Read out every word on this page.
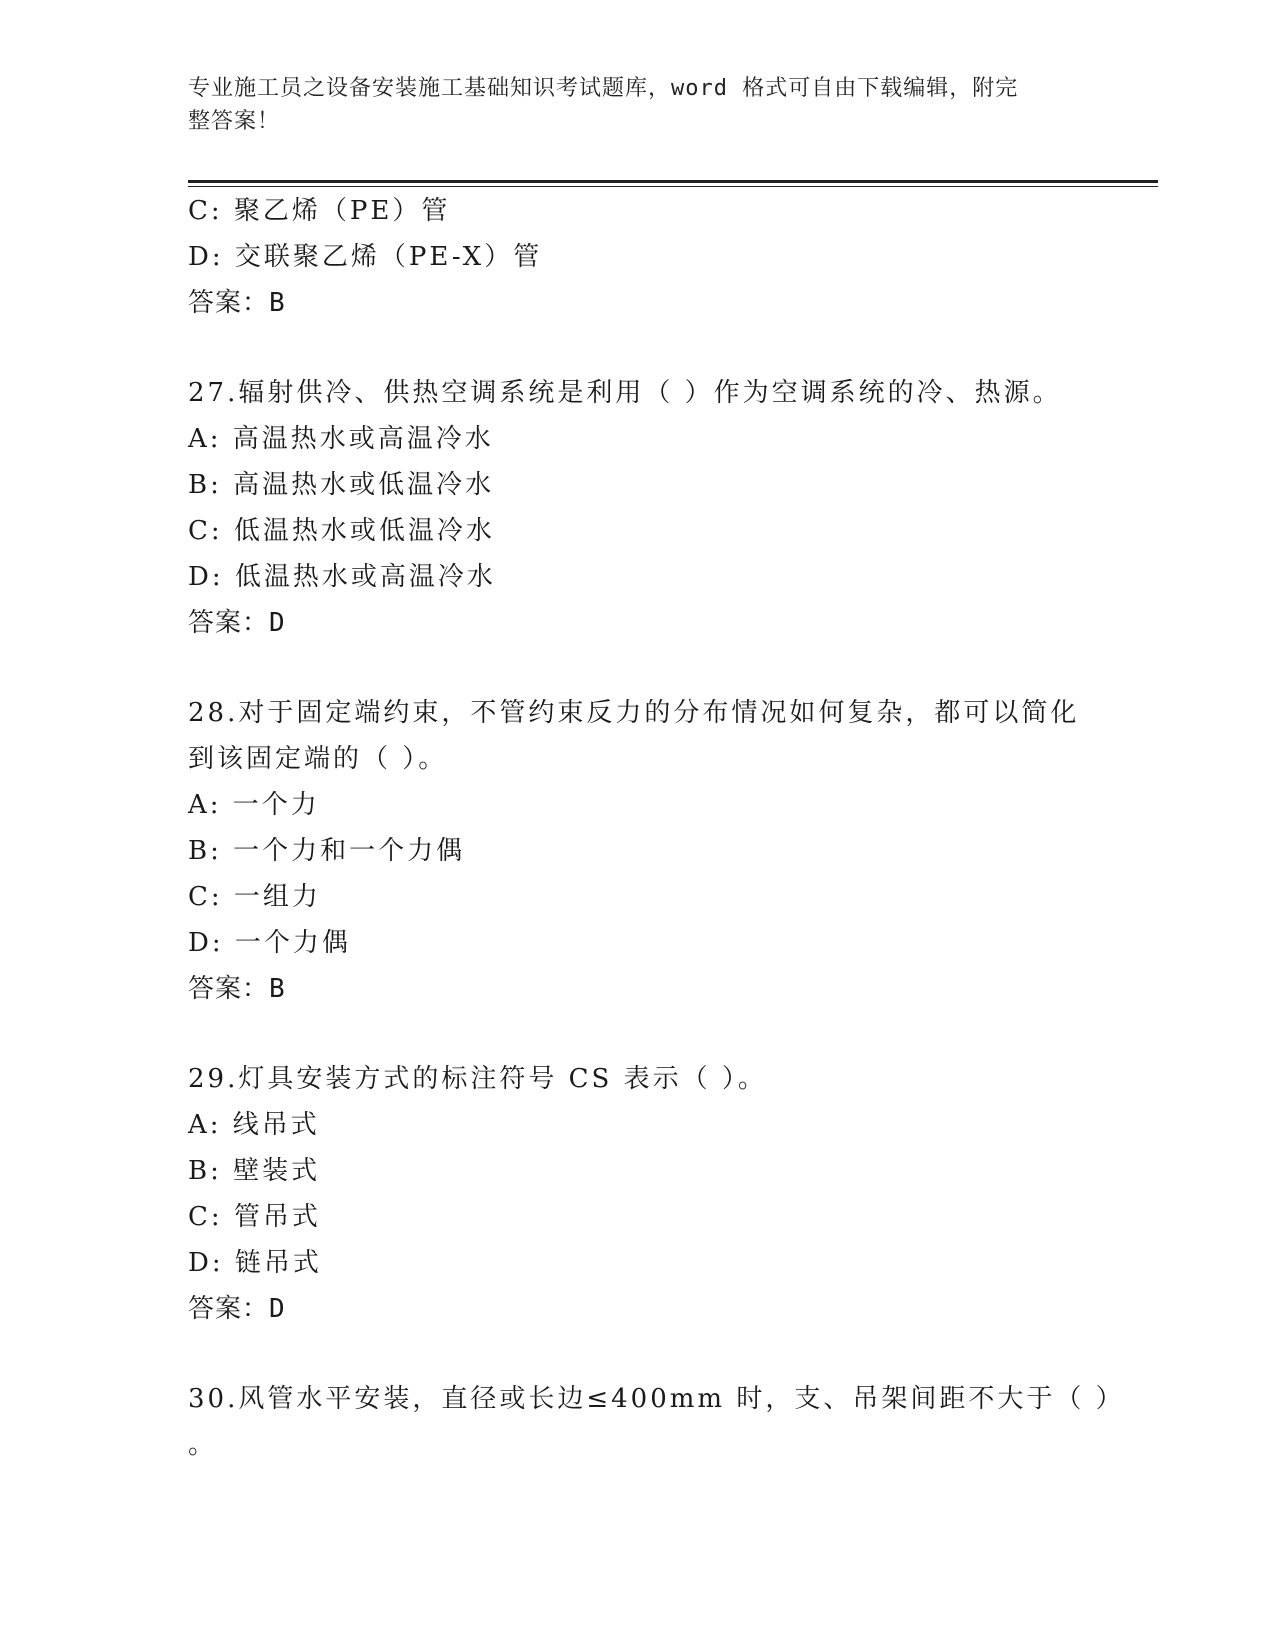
专业施工员之设备安装施工基础知识考试题库，word 格式可自由下载编辑，附完
整答案！
C: 聚乙烯（PE）管
D: 交联聚乙烯（PE-X）管
答案：B
27.辐射供冷、供热空调系统是利用（ ）作为空调系统的冷、热源。
A: 高温热水或高温冷水
B: 高温热水或低温冷水
C: 低温热水或低温冷水
D: 低温热水或高温冷水
答案：D
28.对于固定端约束，不管约束反力的分布情况如何复杂，都可以简化
到该固定端的（ ）。
A: 一个力
B: 一个力和一个力偶
C: 一组力
D: 一个力偶
答案：B
29.灯具安装方式的标注符号 CS 表示（ ）。
A: 线吊式
B: 壁装式
C: 管吊式
D: 链吊式
答案：D
30.风管水平安装，直径或长边≤400mm 时，支、吊架间距不大于（ ）
。
